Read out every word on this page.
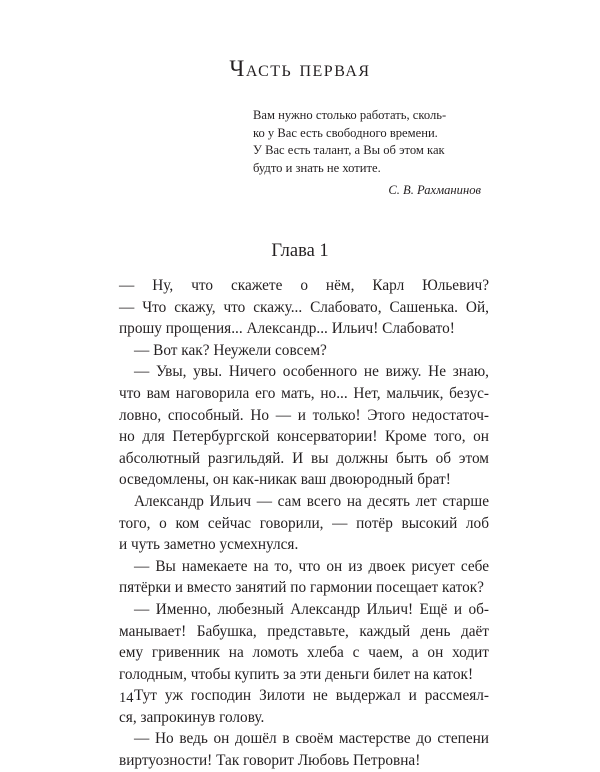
Часть первая
Вам нужно столько работать, сколь-
ко у Вас есть свободного времени.
У Вас есть талант, а Вы об этом как
будто и знать не хотите.
С. В. Рахманинов
Глава 1
— Ну, что скажете о нём, Карл Юльевич?
— Что скажу, что скажу... Слабовато, Сашенька. Ой,
прошу прощения... Александр... Ильич! Слабовато!
— Вот как? Неужели совсем?
— Увы, увы. Ничего особенного не вижу. Не знаю,
что вам наговорила его мать, но... Нет, мальчик, безус-
ловно, способный. Но — и только! Этого недостаточ-
но для Петербургской консерватории! Кроме того, он
абсолютный разгильдяй. И вы должны быть об этом
осведомлены, он как-никак ваш двоюродный брат!
Александр Ильич — сам всего на десять лет старше
того, о ком сейчас говорили, — потёр высокий лоб
и чуть заметно усмехнулся.
— Вы намекаете на то, что он из двоек рисует себе
пятёрки и вместо занятий по гармонии посещает каток?
— Именно, любезный Александр Ильич! Ещё и об-
манывает! Бабушка, представьте, каждый день даёт
ему гривенник на ломоть хлеба с чаем, а он ходит
голодным, чтобы купить за эти деньги билет на каток!
Тут уж господин Зилоти не выдержал и рассмеял-
ся, запрокинув голову.
— Но ведь он дошёл в своём мастерстве до степени
виртуозности! Так говорит Любовь Петровна!
14
